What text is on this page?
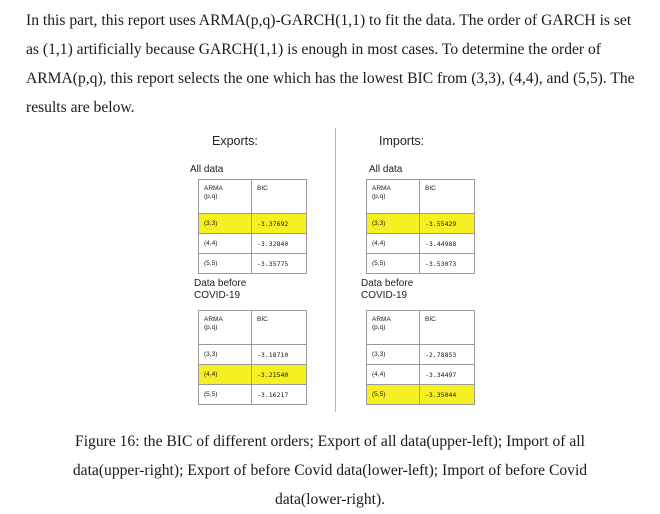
In this part, this report uses ARMA(p,q)-GARCH(1,1) to fit the data. The order of GARCH is set as (1,1) artificially because GARCH(1,1) is enough in most cases. To determine the order of ARMA(p,q), this report selects the one which has the lowest BIC from (3,3), (4,4), and (5,5). The results are below.

Exports:	Imports:
All data	All data
ARMA
(p,q)	BIC
(3,3)	-3.37692
(4,4)	-3.32840
(5,5)	-3.35775
ARMA
(p,q)	BIC
(3,3)	-3.55429
(4,4)	-3.44988
(5,5)	-3.53073
Data before
COVID-19
Data before
COVID-19
ARMA
(p,q)	BIC
(3,3)	-3.18710
(4,4)	-3.21540
(5,5)	-3.16217
ARMA
(p,q)	BIC
(3,3)	-2.78853
(4,4)	-3.34497
(5,5)	-3.35044

Figure 16: the BIC of different orders; Export of all data(upper-left); Import of all data(upper-right); Export of before Covid data(lower-left); Import of before Covid data(lower-right).
